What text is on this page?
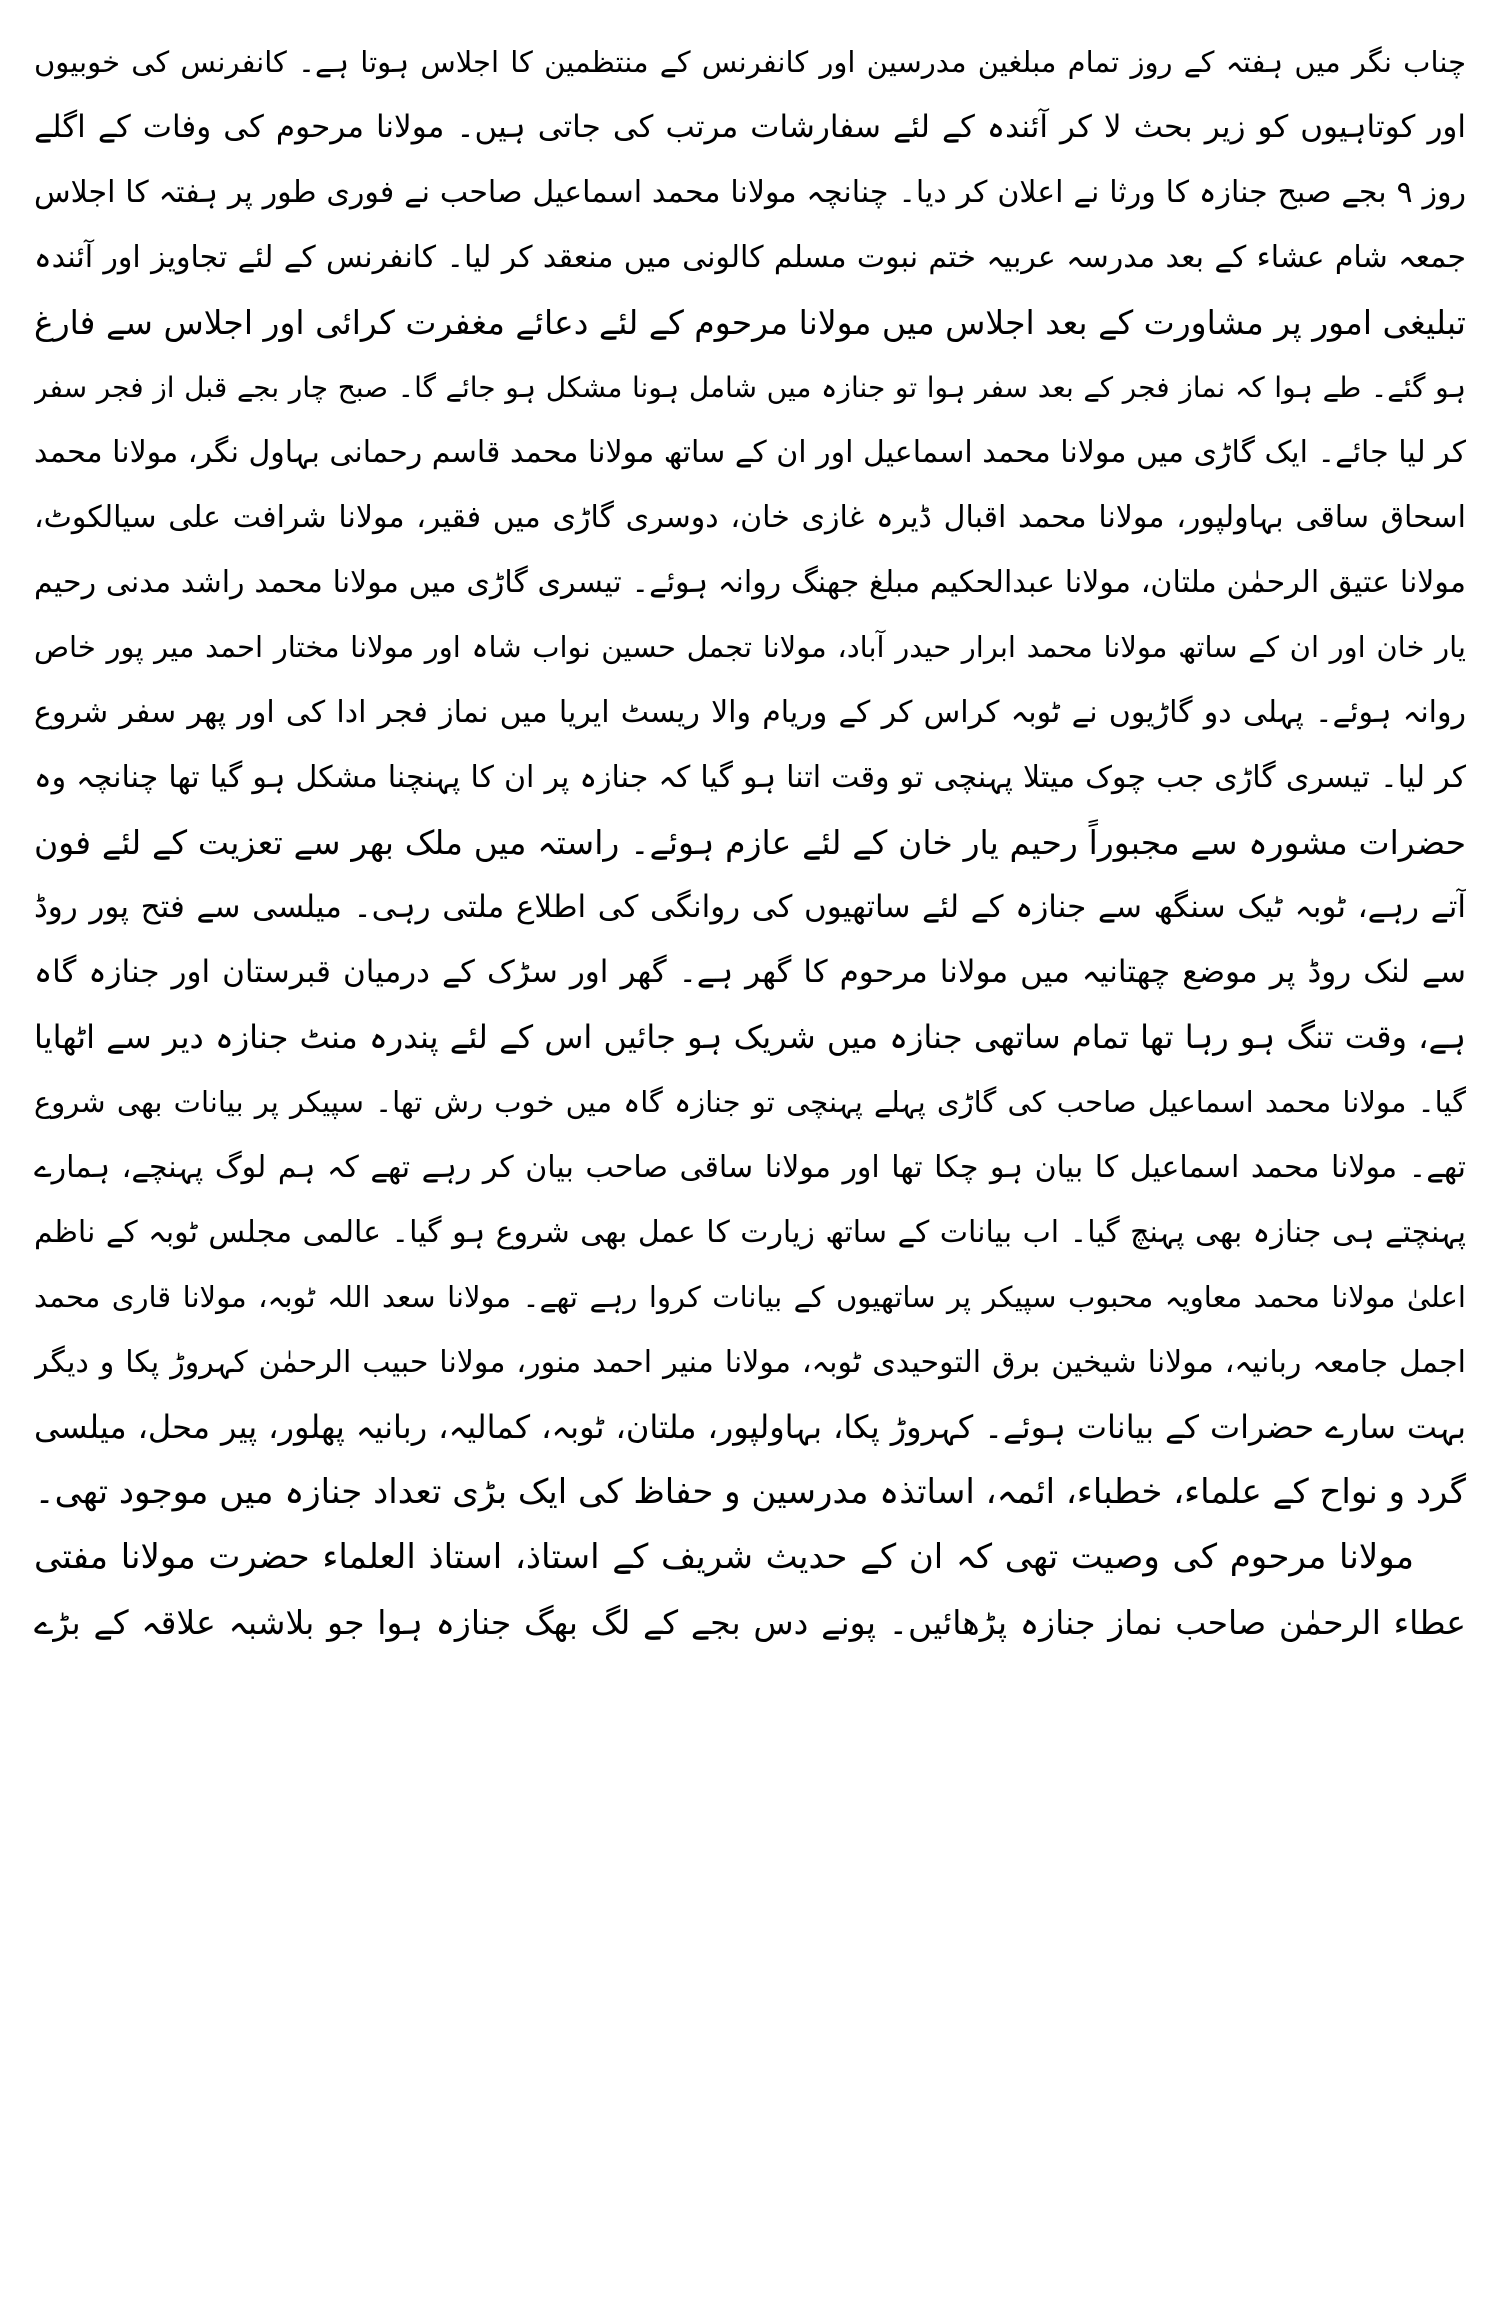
چناب نگر میں ہفتہ کے روز تمام مبلغین مدرسین اور کانفرنس کے منتظمین کا اجلاس ہوتا ہے۔ کانفرنس کی خوبیوں
اور کوتاہیوں کو زیر بحث لا کر آئندہ کے لئے سفارشات مرتب کی جاتی ہیں۔ مولانا مرحوم کی وفات کے اگلے
روز ۹ بجے صبح جنازہ کا ورثا نے اعلان کر دیا۔ چنانچہ مولانا محمد اسماعیل صاحب نے فوری طور پر ہفتہ کا اجلاس
جمعہ شام عشاء کے بعد مدرسہ عربیہ ختم نبوت مسلم کالونی میں منعقد کر لیا۔ کانفرنس کے لئے تجاویز اور آئندہ
تبلیغی امور پر مشاورت کے بعد اجلاس میں مولانا مرحوم کے لئے دعائے مغفرت کرائی اور اجلاس سے فارغ
ہو گئے۔ طے ہوا کہ نماز فجر کے بعد سفر ہوا تو جنازہ میں شامل ہونا مشکل ہو جائے گا۔ صبح چار بجے قبل از فجر سفر
کر لیا جائے۔ ایک گاڑی میں مولانا محمد اسماعیل اور ان کے ساتھ مولانا محمد قاسم رحمانی بہاول نگر، مولانا محمد
اسحاق ساقی بہاولپور، مولانا محمد اقبال ڈیرہ غازی خان، دوسری گاڑی میں فقیر، مولانا شرافت علی سیالکوٹ،
مولانا عتیق الرحمٰن ملتان، مولانا عبدالحکیم مبلغ جھنگ روانہ ہوئے۔ تیسری گاڑی میں مولانا محمد راشد مدنی رحیم
یار خان اور ان کے ساتھ مولانا محمد ابرار حیدر آباد، مولانا تجمل حسین نواب شاہ اور مولانا مختار احمد میر پور خاص
روانہ ہوئے۔ پہلی دو گاڑیوں نے ٹوبہ کراس کر کے وریام والا ریسٹ ایریا میں نماز فجر ادا کی اور پھر سفر شروع
کر لیا۔ تیسری گاڑی جب چوک میتلا پہنچی تو وقت اتنا ہو گیا کہ جنازہ پر ان کا پہنچنا مشکل ہو گیا تھا چنانچہ وہ
حضرات مشورہ سے مجبوراً رحیم یار خان کے لئے عازم ہوئے۔ راستہ میں ملک بھر سے تعزیت کے لئے فون
آتے رہے، ٹوبہ ٹیک سنگھ سے جنازہ کے لئے ساتھیوں کی روانگی کی اطلاع ملتی رہی۔ میلسی سے فتح پور روڈ
سے لنک روڈ پر موضع چھتانیہ میں مولانا مرحوم کا گھر ہے۔ گھر اور سڑک کے درمیان قبرستان اور جنازہ گاہ
ہے، وقت تنگ ہو رہا تھا تمام ساتھی جنازہ میں شریک ہو جائیں اس کے لئے پندرہ منٹ جنازہ دیر سے اٹھایا
گیا۔ مولانا محمد اسماعیل صاحب کی گاڑی پہلے پہنچی تو جنازہ گاہ میں خوب رش تھا۔ سپیکر پر بیانات بھی شروع
تھے۔ مولانا محمد اسماعیل کا بیان ہو چکا تھا اور مولانا ساقی صاحب بیان کر رہے تھے کہ ہم لوگ پہنچے، ہمارے
پہنچتے ہی جنازہ بھی پہنچ گیا۔ اب بیانات کے ساتھ زیارت کا عمل بھی شروع ہو گیا۔ عالمی مجلس ٹوبہ کے ناظم
اعلیٰ مولانا محمد معاویہ محبوب سپیکر پر ساتھیوں کے بیانات کروا رہے تھے۔ مولانا سعد اللہ ٹوبہ، مولانا قاری محمد
اجمل جامعہ ربانیہ، مولانا شیخین برق التوحیدی ٹوبہ، مولانا منیر احمد منور، مولانا حبیب الرحمٰن کہروڑ پکا و دیگر
بہت سارے حضرات کے بیانات ہوئے۔ کہروڑ پکا، بہاولپور، ملتان، ٹوبہ، کمالیہ، ربانیہ پھلور، پیر محل، میلسی
گرد و نواح کے علماء، خطباء، ائمہ، اساتذہ مدرسین و حفاظ کی ایک بڑی تعداد جنازہ میں موجود تھی۔
مولانا مرحوم کی وصیت تھی کہ ان کے حدیث شریف کے استاذ، استاذ العلماء حضرت مولانا مفتی
عطاء الرحمٰن صاحب نماز جنازہ پڑھائیں۔ پونے دس بجے کے لگ بھگ جنازہ ہوا جو بلاشبہ علاقہ کے بڑے
